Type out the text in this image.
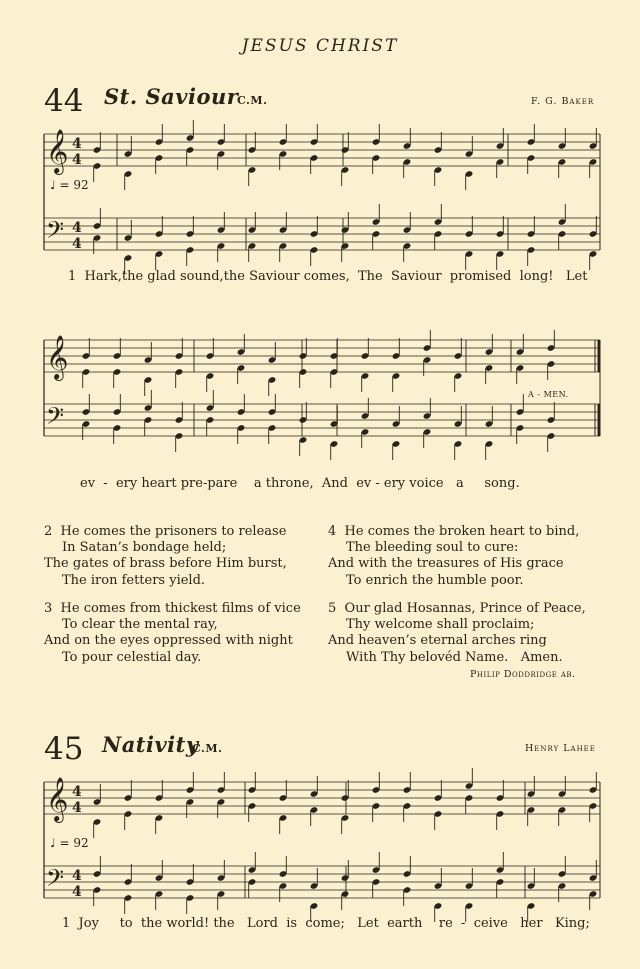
JESUS CHRIST
44 St. Saviour
C.M.	F. G. Baker
♩ = 92
𝄞
𝄢
4
4
4
4
𝄞
𝄢
𝄞
𝄢
4
4
4
4
1  Hark,the glad sound,the Saviour comes,  The  Saviour  promised  long!   Let
A - MEN.
ev  -  ery heart pre-pare    a throne,  And  ev - ery voice   a     song.
2  He comes the prisoners to release
In Satan’s bondage held;
The gates of brass before Him burst,
The iron fetters yield.
3  He comes from thickest films of vice
To clear the mental ray,
And on the eyes oppressed with night
To pour celestial day.
4  He comes the broken heart to bind,
The bleeding soul to cure:
And with the treasures of His grace
To enrich the humble poor.
5  Our glad Hosannas, Prince of Peace,
Thy welcome shall proclaim;
And heaven’s eternal arches ring
With Thy belovéd Name.   Amen.
Philip Doddridge ab.
45 Nativity
C.M.	Henry Lahee
♩ = 92
1  Joy     to  the world! the   Lord  is  come;   Let  earth    re  -  ceive   her   King;
